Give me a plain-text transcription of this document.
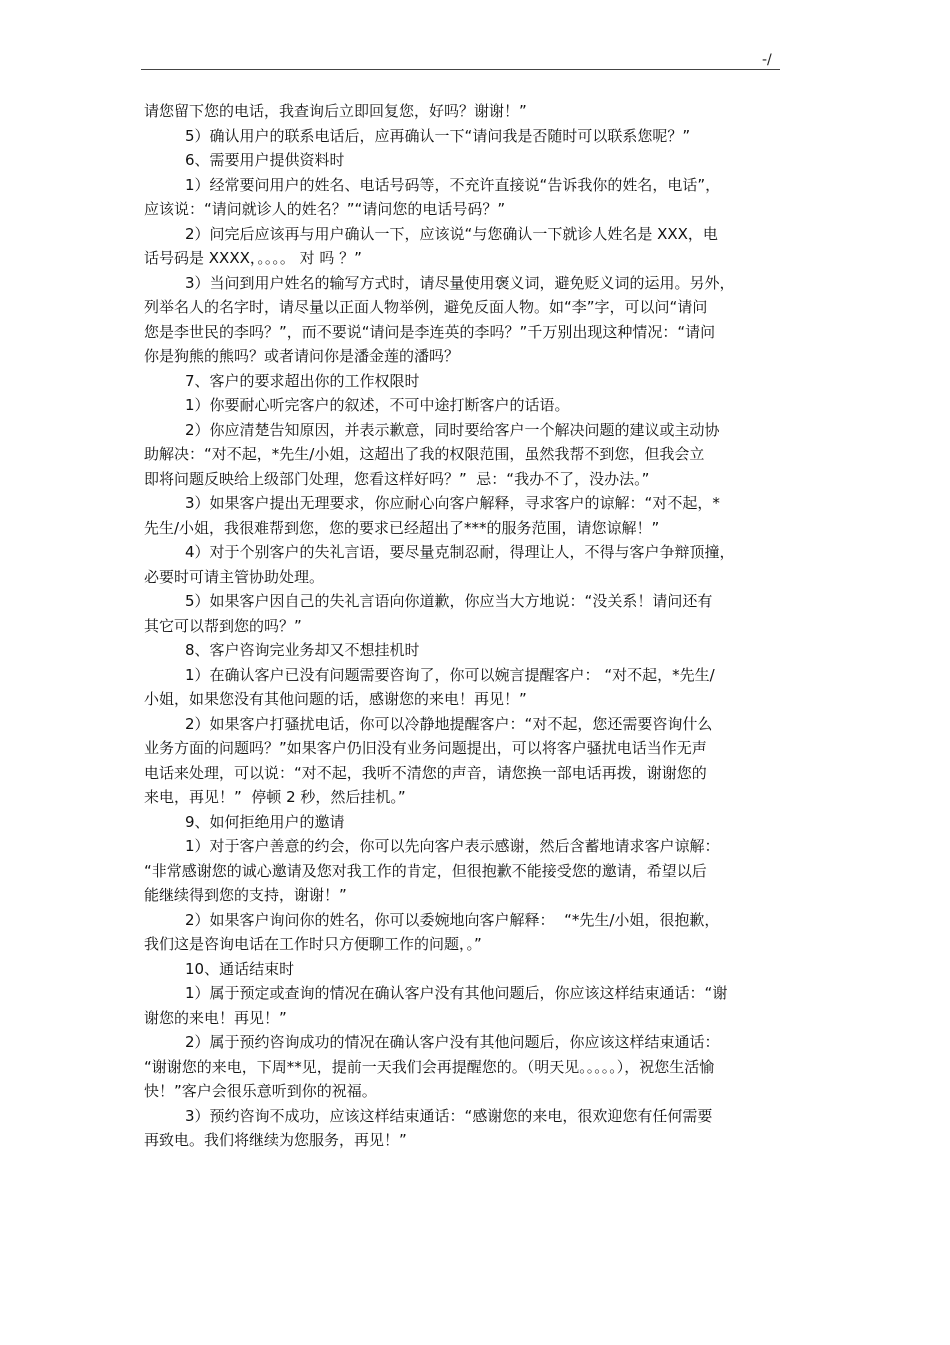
-/
请您留下您的电话，我查询后立即回复您，好吗？谢谢！”
5）确认用户的联系电话后，应再确认一下“请问我是否随时可以联系您呢？”
6、需要用户提供资料时
1）经常要问用户的姓名、电话号码等，不充许直接说“告诉我你的姓名，电话”，
应该说：“请问就诊人的姓名？”“请问您的电话号码？”
2）问完后应该再与用户确认一下，应该说“与您确认一下就诊人姓名是 XXX，电
话号码是 XXXX，。。。。 对 吗 ？”
3）当问到用户姓名的输写方式时，请尽量使用褒义词，避免贬义词的运用。另外，
列举名人的名字时，请尽量以正面人物举例，避免反面人物。如“李”字，可以问“请问
您是李世民的李吗？”，而不要说“请问是李连英的李吗？”千万别出现这种情况：“请问
你是狗熊的熊吗？或者请问你是潘金莲的潘吗？
7、客户的要求超出你的工作权限时
1）你要耐心听完客户的叙述，不可中途打断客户的话语。
2）你应清楚告知原因，并表示歉意，同时要给客户一个解决问题的建议或主动协
助解决：“对不起，*先生/小姐，这超出了我的权限范围，虽然我帮不到您，但我会立
即将问题反映给上级部门处理，您看这样好吗？”  忌：“我办不了，没办法。”
3）如果客户提出无理要求，你应耐心向客户解释，寻求客户的谅解：“对不起，*
先生/小姐，我很难帮到您，您的要求已经超出了***的服务范围，请您谅解！”
4）对于个别客户的失礼言语，要尽量克制忍耐，得理让人，不得与客户争辩顶撞，
必要时可请主管协助处理。
5）如果客户因自己的失礼言语向你道歉，你应当大方地说：“没关系！请问还有
其它可以帮到您的吗？”
8、客户咨询完业务却又不想挂机时
1）在确认客户已没有问题需要咨询了，你可以婉言提醒客户： “对不起，*先生/
小姐，如果您没有其他问题的话，感谢您的来电！再见！”
2）如果客户打骚扰电话，你可以冷静地提醒客户：“对不起，您还需要咨询什么
业务方面的问题吗？”如果客户仍旧没有业务问题提出，可以将客户骚扰电话当作无声
电话来处理，可以说：“对不起，我听不清您的声音，请您换一部电话再拨，谢谢您的
来电，再见！”  停顿 2 秒，然后挂机。”
9、如何拒绝用户的邀请
1）对于客户善意的约会，你可以先向客户表示感谢，然后含蓄地请求客户谅解：
“非常感谢您的诚心邀请及您对我工作的肯定，但很抱歉不能接受您的邀请，希望以后
能继续得到您的支持，谢谢！”
2）如果客户询问你的姓名，你可以委婉地向客户解释：  “*先生/小姐，很抱歉，
我们这是咨询电话在工作时只方便聊工作的问题，。”
10、通话结束时
1）属于预定或查询的情况在确认客户没有其他问题后，你应该这样结束通话：“谢
谢您的来电！再见！”
2）属于预约咨询成功的情况在确认客户没有其他问题后，你应该这样结束通话：
“谢谢您的来电，下周**见，提前一天我们会再提醒您的。（明天见。。。。。），祝您生活愉
快！”客户会很乐意听到你的祝福。
3）预约咨询不成功，应该这样结束通话：“感谢您的来电，很欢迎您有任何需要
再致电。我们将继续为您服务，再见！”
